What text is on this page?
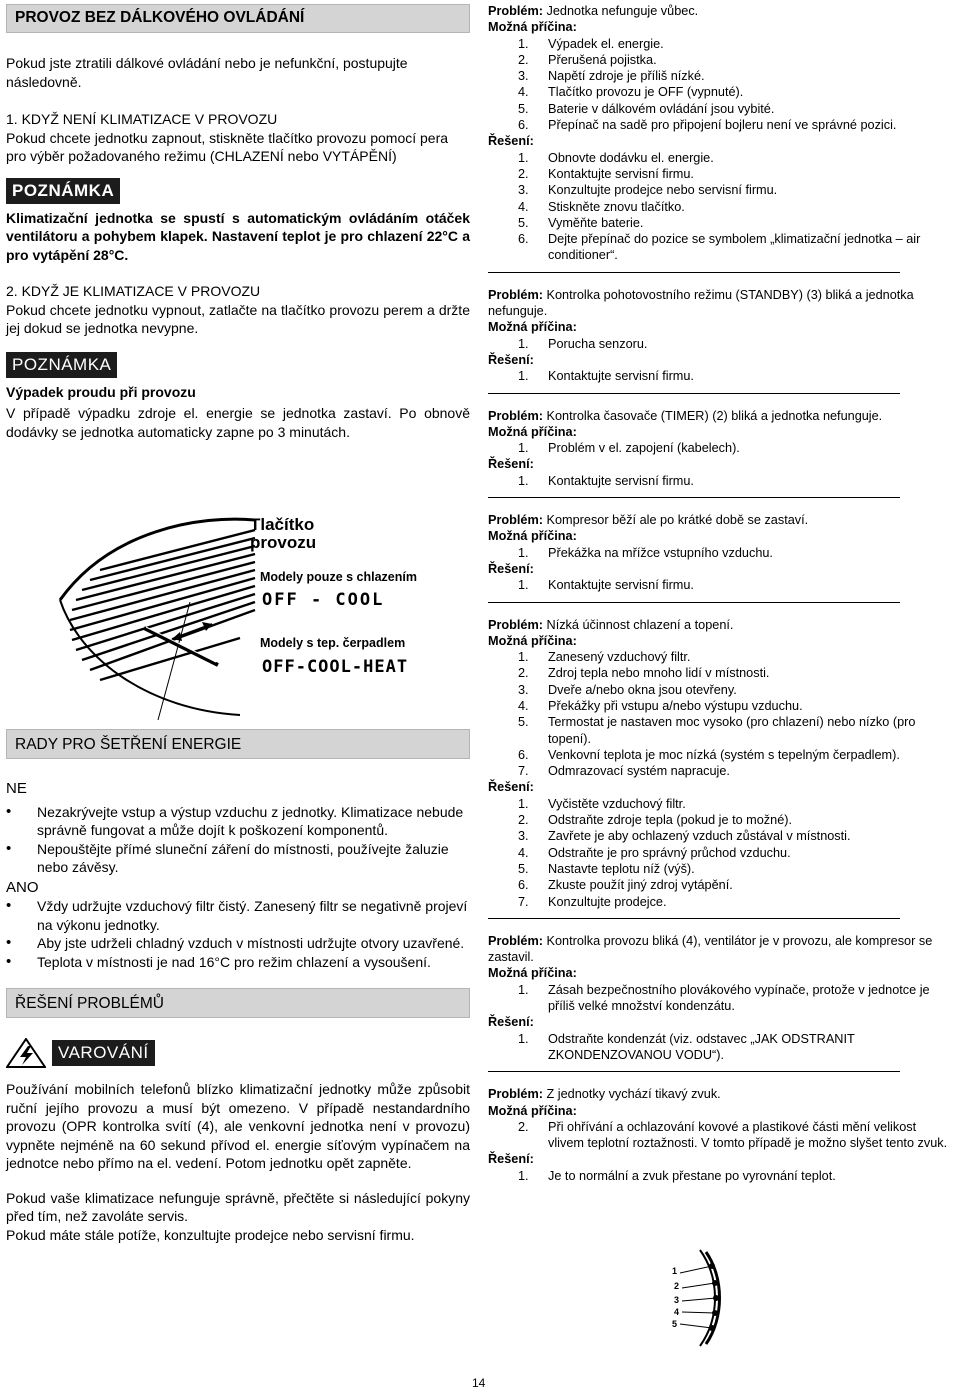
PROVOZ BEZ DÁLKOVÉHO OVLÁDÁNÍ

Pokud jste ztratili dálkové ovládání nebo je nefunkční, postupujte následovně.

1. KDYŽ NENÍ KLIMATIZACE V PROVOZU

Pokud chcete jednotku zapnout, stiskněte tlačítko provozu pomocí pera pro výběr požadovaného režimu (CHLAZENÍ nebo VYTÁPĚNÍ)

POZNÁMKA

Klimatizační jednotka se spustí s automatickým ovládáním otáček ventilátoru a pohybem klapek. Nastavení teplot je pro chlazení 22°C a pro vytápění 28°C.

2. KDYŽ JE KLIMATIZACE V PROVOZU

Pokud chcete jednotku vypnout, zatlačte na tlačítko provozu perem a držte jej dokud se jednotka nevypne.

POZNÁMKA

Výpadek proudu při provozu

V případě výpadku zdroje el. energie se jednotka zastaví. Po obnově dodávky se jednotka automaticky zapne po 3 minutách.

Tlačítko
provozu
Modely pouze s chlazením
OFF - COOL
Modely s tep. čerpadlem
OFF-COOL-HEAT
RADY PRO ŠETŘENÍ ENERGIE

NE

• Nezakrývejte vstup a výstup vzduchu z jednotky. Klimatizace nebude správně fungovat a může dojít k poškození komponentů.
• Nepouštějte přímé sluneční záření do místnosti, používejte žaluzie nebo závěsy.

ANO

• Vždy udržujte vzduchový filtr čistý. Zanesený filtr se negativně projeví na výkonu jednotky.
• Aby jste udrželi chladný vzduch v místnosti udržujte otvory uzavřené.
• Teplota v místnosti je nad 16°C pro režim chlazení a vysoušení.
ŘEŠENÍ PROBLÉMŮ
VAROVÁNÍ

Používání mobilních telefonů blízko klimatizační jednotky může způsobit ruční jejího provozu a musí být omezeno. V případě nestandardního provozu (OPR kontrolka svítí (4), ale venkovní jednotka není v provozu) vypněte nejméně na 60 sekund přívod el. energie síťovým vypínačem na jednotce nebo přímo na el. vedení. Potom jednotku opět zapněte.

Pokud vaše klimatizace nefunguje správně, přečtěte si následující pokyny před tím, než zavoláte servis.

Pokud máte stále potíže, konzultujte prodejce nebo servisní firmu.

Problém: Jednotka nefunguje vůbec.
Možná příčina:
1.	Výpadek el. energie.
2.	Přerušená pojistka.
3.	Napětí zdroje je příliš nízké.
4.	Tlačítko provozu je OFF (vypnuté).
5.	Baterie v dálkovém ovládání jsou vybité.
6.	Přepínač na sadě pro připojení bojleru není ve správné pozici.
Řešení:
1.	Obnovte dodávku el. energie.
2.	Kontaktujte servisní firmu.
3.	Konzultujte prodejce nebo servisní firmu.
4.	Stiskněte znovu tlačítko.
5.	Vyměňte baterie.
6.	Dejte přepínač do pozice se symbolem „klimatizační jednotka – air conditioner“.
Problém: Kontrolka pohotovostního režimu (STANDBY) (3) bliká a jednotka nefunguje.
Možná příčina:
1.	Porucha senzoru.
Řešení:
1.	Kontaktujte servisní firmu.
Problém: Kontrolka časovače (TIMER) (2) bliká a jednotka nefunguje.
Možná příčina:
1.	Problém v el. zapojení (kabelech).
Řešení:
1.	Kontaktujte servisní firmu.
Problém: Kompresor běží ale po krátké době se zastaví.
Možná příčina:
1.	Překážka na mřížce vstupního vzduchu.
Řešení:
1.	Kontaktujte servisní firmu.
Problém: Nízká účinnost chlazení a topení.
Možná příčina:
1.	Zanesený vzduchový filtr.
2.	Zdroj tepla nebo mnoho lidí v místnosti.
3.	Dveře a/nebo okna jsou otevřeny.
4.	Překážky při vstupu a/nebo výstupu vzduchu.
5.	Termostat je nastaven moc vysoko (pro chlazení) nebo nízko (pro topení).
6.	Venkovní teplota je moc nízká (systém s tepelným čerpadlem).
7.	Odmrazovací systém napracuje.
Řešení:
1.	Vyčistěte vzduchový filtr.
2.	Odstraňte zdroje tepla (pokud je to možné).
3.	Zavřete je aby ochlazený vzduch zůstával v místnosti.
4.	Odstraňte je pro správný průchod vzduchu.
5.	Nastavte teplotu níž (výš).
6.	Zkuste použít jiný zdroj vytápění.
7.	Konzultujte prodejce.
Problém: Kontrolka provozu bliká (4), ventilátor je v provozu, ale kompresor se zastavil.
Možná příčina:
1.	Zásah bezpečnostního plovákového vypínače, protože v jednotce je příliš velké množství kondenzátu.
Řešení:
1.	Odstraňte kondenzát (viz. odstavec „JAK ODSTRANIT ZKONDENZOVANOU VODU“).
Problém: Z jednotky vychází tikavý zvuk.
Možná příčina:
2.	Při ohřívání a ochlazování kovové a plastikové části mění velikost vlivem teplotní roztažnosti. V tomto případě je možno slyšet tento zvuk.
Řešení:
1.	Je to normální a zvuk přestane po vyrovnání teplot.
1
2
3
4
5
14
